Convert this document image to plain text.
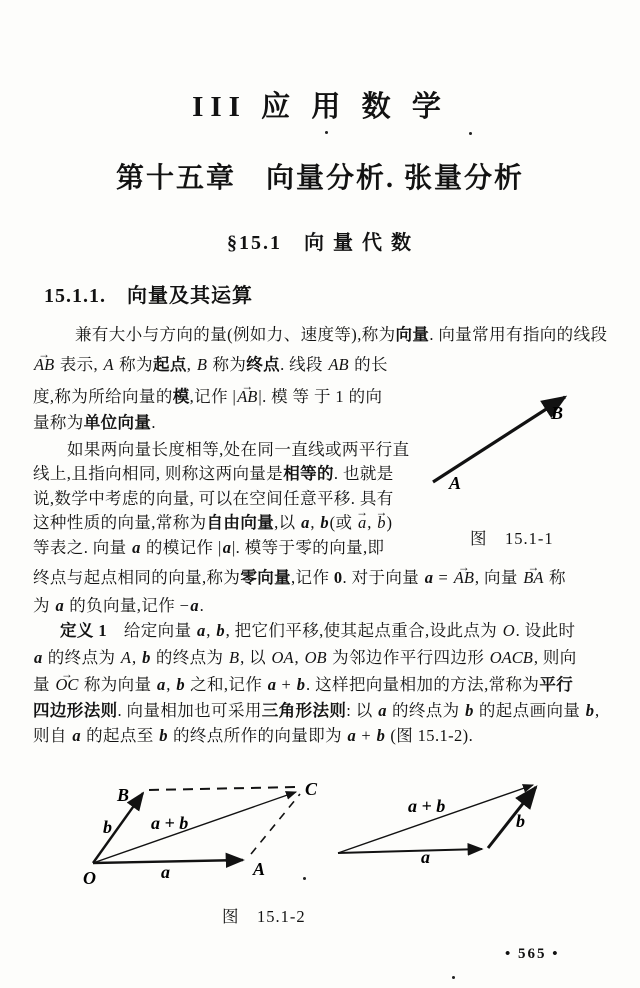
III 应 用 数 学
第十五章　向量分析. 张量分析
§15.1　向 量 代 数
15.1.1.　向量及其运算
兼有大小与方向的量(例如力、速度等),称为向量. 向量常用有指向的线段
AB → 表示, A 称为起点, B 称为终点. 线段 AB 的长
度,称为所给向量的模,记作 |AB →|. 模 等 于 1 的向
量称为单位向量.
如果两向量长度相等,处在同一直线或两平行直
线上,且指向相同, 则称这两向量是相等的. 也就是
说,数学中考虑的向量, 可以在空间任意平移. 具有
这种性质的向量,常称为自由向量,以 a, b(或 a →, b →)
等表之. 向量 a 的模记作 |a|. 模等于零的向量,即
终点与起点相同的向量,称为零向量,记作 0. 对于向量 a = AB →, 向量 BA → 称
为 a 的负向量,记作 −a.
定义 1　给定向量 a, b, 把它们平移,使其起点重合,设此点为 O. 设此时
a 的终点为 A, b 的终点为 B, 以 OA, OB 为邻边作平行四边形 OACB, 则向
量 OC → 称为向量 a, b 之和,记作 a + b. 这样把向量相加的方法,常称为平行
四边形法则. 向量相加也可采用三角形法则: 以 a 的终点为 b 的起点画向量 b,
则自 a 的起点至 b 的终点所作的向量即为 a + b (图 15.1-2).
A
B
图　15.1-1
O
B	C
A
b a + b
a
a + b
b
a
图　15.1-2
• 565 •
